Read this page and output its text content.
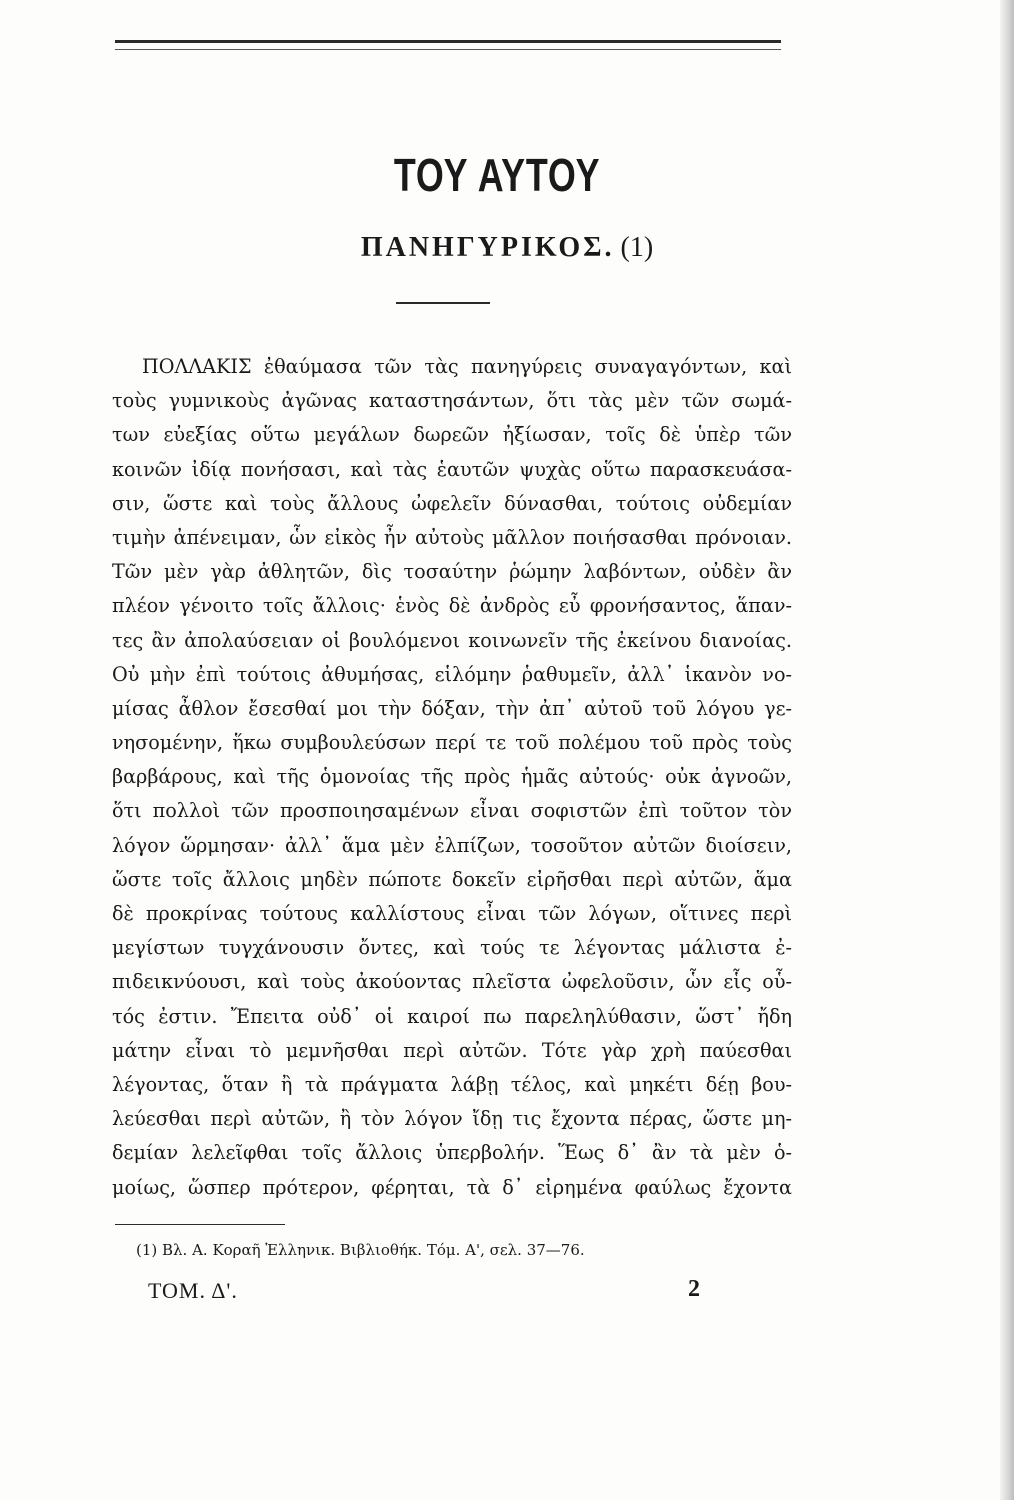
ΤΟΥ ΑΥΤΟΥ
ΠΑΝΗΓΥΡΙΚΟΣ. (1)
ΠΟΛΛΑΚΙΣ ἐθαύμασα τῶν τὰς πανηγύρεις συναγαγόντων, καὶ
τοὺς γυμνικοὺς ἀγῶνας καταστησάντων, ὅτι τὰς μὲν τῶν σωμά-
των εὐεξίας οὕτω μεγάλων δωρεῶν ἠξίωσαν, τοῖς δὲ ὑπὲρ τῶν
κοινῶν ἰδίᾳ πονήσασι, καὶ τὰς ἑαυτῶν ψυχὰς οὕτω παρασκευάσα-
σιν, ὥστε καὶ τοὺς ἄλλους ὠφελεῖν δύνασθαι, τούτοις οὐδεμίαν
τιμὴν ἀπένειμαν, ὧν εἰκὸς ἦν αὐτοὺς μᾶλλον ποιήσασθαι πρόνοιαν.
Τῶν μὲν γὰρ ἀθλητῶν, δὶς τοσαύτην ῥώμην λαβόντων, οὐδὲν ἂν
πλέον γένοιτο τοῖς ἄλλοις· ἑνὸς δὲ ἀνδρὸς εὖ φρονήσαντος, ἅπαν-
τες ἂν ἀπολαύσειαν οἱ βουλόμενοι κοινωνεῖν τῆς ἐκείνου διανοίας.
Οὐ μὴν ἐπὶ τούτοις ἀθυμήσας, εἱλόμην ῥαθυμεῖν, ἀλλ᾽ ἱκανὸν νο-
μίσας ἆθλον ἔσεσθαί μοι τὴν δόξαν, τὴν ἀπ᾽ αὐτοῦ τοῦ λόγου γε-
νησομένην, ἥκω συμβουλεύσων περί τε τοῦ πολέμου τοῦ πρὸς τοὺς
βαρβάρους, καὶ τῆς ὁμονοίας τῆς πρὸς ἡμᾶς αὐτούς· οὐκ ἀγνοῶν,
ὅτι πολλοὶ τῶν προσποιησαμένων εἶναι σοφιστῶν ἐπὶ τοῦτον τὸν
λόγον ὥρμησαν· ἀλλ᾽ ἅμα μὲν ἐλπίζων, τοσοῦτον αὐτῶν διοίσειν,
ὥστε τοῖς ἄλλοις μηδὲν πώποτε δοκεῖν εἰρῆσθαι περὶ αὐτῶν, ἅμα
δὲ προκρίνας τούτους καλλίστους εἶναι τῶν λόγων, οἵτινες περὶ
μεγίστων τυγχάνουσιν ὄντες, καὶ τούς τε λέγοντας μάλιστα ἐ-
πιδεικνύουσι, καὶ τοὺς ἀκούοντας πλεῖστα ὠφελοῦσιν, ὧν εἷς οὗ-
τός ἐστιν. Ἔπειτα οὐδ᾽ οἱ καιροί πω παρεληλύθασιν, ὥστ᾽ ἤδη
μάτην εἶναι τὸ μεμνῆσθαι περὶ αὐτῶν. Τότε γὰρ χρὴ παύεσθαι
λέγοντας, ὅταν ἢ τὰ πράγματα λάβῃ τέλος, καὶ μηκέτι δέῃ βου-
λεύεσθαι περὶ αὐτῶν, ἢ τὸν λόγον ἴδῃ τις ἔχοντα πέρας, ὥστε μη-
δεμίαν λελεῖφθαι τοῖς ἄλλοις ὑπερβολήν. Ἕως δ᾽ ἂν τὰ μὲν ὁ-
μοίως, ὥσπερ πρότερον, φέρηται, τὰ δ᾽ εἰρημένα φαύλως ἔχοντα
(1) Βλ. Α. Κοραῆ Ἑλληνικ. Βιβλιοθήκ. Τόμ. Α', σελ. 37—76.
ΤΟΜ. Δ'.	2
